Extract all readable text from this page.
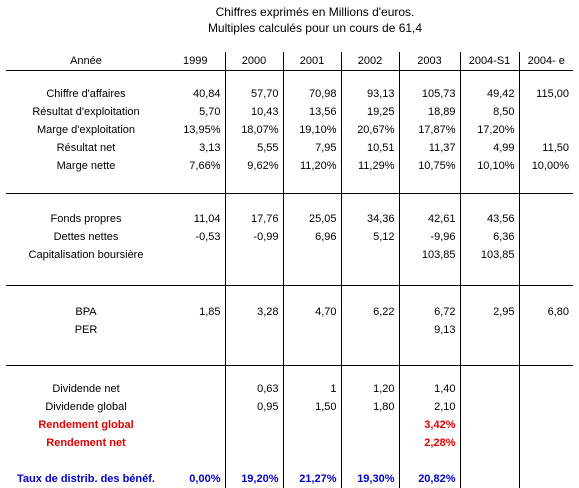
Chiffres exprimés en Millions d'euros.
Multiples calculés pour un cours de 61,4
Année	1999	2000	2001	2002	2003	2004-S1	2004- e

Chiffre d'affaires	40,84	57,70	70,98	93,13	105,73	49,42	115,00
Résultat d'exploitation	5,70	10,43	13,56	19,25	18,89	8,50	
Marge d'exploitation	13,95%	18,07%	19,10%	20,67%	17,87%	17,20%	
Résultat net	3,13	5,55	7,95	10,51	11,37	4,99	11,50
Marge nette	7,66%	9,62%	11,20%	11,29%	10,75%	10,10%	10,00%

Fonds propres	11,04	17,76	25,05	34,36	42,61	43,56	
Dettes nettes	-0,53	-0,99	6,96	5,12	-9,96	6,36	
Capitalisation boursière					103,85	103,85	

BPA	1,85	3,28	4,70	6,22	6,72	2,95	6,80
PER					9,13		

Dividende net		0,63	1	1,20	1,40		
Dividende global		0,95	1,50	1,80	2,10		
Rendement global					3,42%		
Rendement net					2,28%		

Taux de distrib. des bénéf.	0,00%	19,20%	21,27%	19,30%	20,82%		
